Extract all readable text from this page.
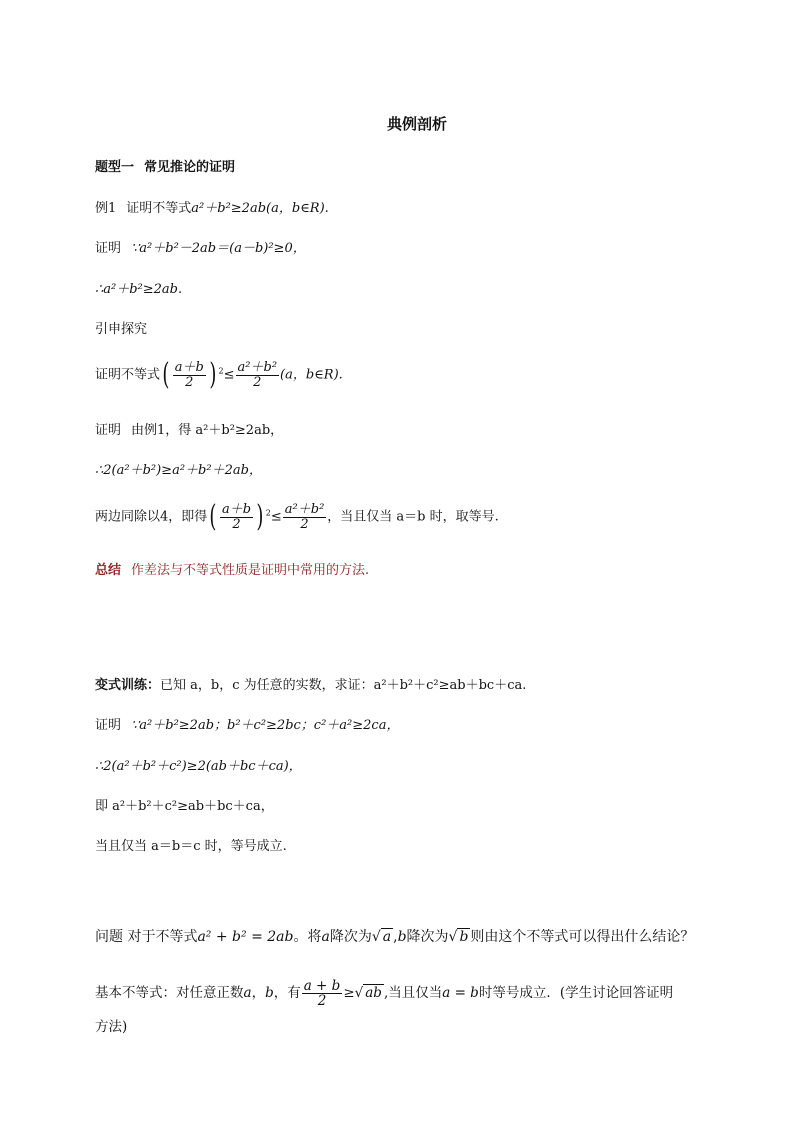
典例剖析
题型一 常见推论的证明
例1 证明不等式a²＋b²≥2ab(a，b∈R).
证明 ∵a²＋b²－2ab＝(a－b)²≥0，
∴a²＋b²≥2ab.
引申探究
证明不等式( $\frac{a+b}{2}$ ) $^2\le \frac{\text{a²＋b²}}{2} (a$，b∈R).
证明 由例1，得 a²＋b²≥2ab，
∴2(a²＋b²)≥a²＋b²＋2ab，
两边同除以4，即得( $\frac{a+b}{2}$ ) $^2\le \frac{\text{a²＋b²}}{2}$ ，当且仅当 a＝b 时，取等号.
总结 作差法与不等式性质是证明中常用的方法.
变式训练：已知 a，b，c 为任意的实数，求证：a²＋b²＋c²≥ab＋bc＋ca.
证明 ∵a²＋b²≥2ab；b²＋c²≥2bc；c²＋a²≥2ca，
∴2(a²＋b²＋c²)≥2(ab＋bc＋ca)，
即 a²＋b²＋c²≥ab＋bc＋ca，
当且仅当 a＝b＝c 时，等号成立.
问题 对于不等式a² + b² = 2ab。将a降次为√ a ,b降次为√ b 则由这个不等式可以得出什么结论？
基本不等式：对任意正数a，b，有 $\frac{a + b}{2}$ ≥√ ab ,当且仅当a = b时等号成立．(学生讨论回答证明
方法)
